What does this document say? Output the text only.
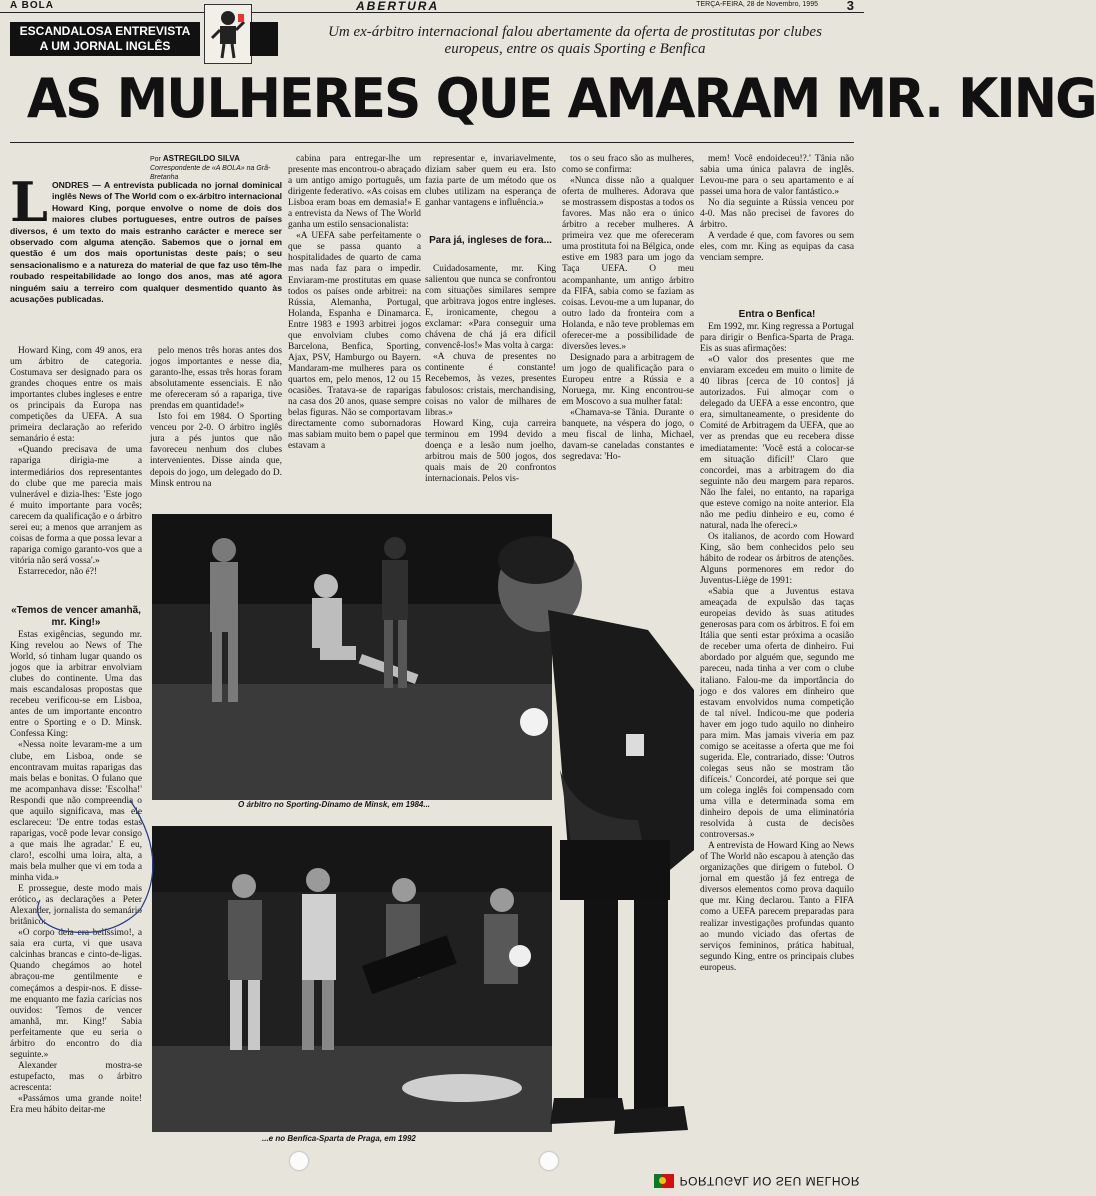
A BOLA	ABERTURA	TERÇA-FEIRA, 28 de Novembro, 1995 3
ESCANDALOSA ENTREVISTA
A UM JORNAL INGLÊS
Um ex-árbitro internacional falou abertamente da oferta de prostitutas por clubes europeus, entre os quais Sporting e Benfica
AS MULHERES QUE AMARAM MR. KING
Por ASTREGILDO SILVA
Correspondente de «A BOLA» na Grã-Bretanha
L ONDRES — A entrevista publicada no jornal dominical inglês News of The World com o ex-árbitro internacional Howard King, porque envolve o nome de dois dos maiores clubes portugueses, entre outros de países diversos, é um texto do mais estranho carácter e merece ser observado com alguma atenção. Sabemos que o jornal em questão é um dos mais oportunistas deste país; o seu sensacionalismo e a natureza do material de que faz uso têm-lhe roubado respeitabilidade ao longo dos anos, mas até agora ninguém saiu a terreiro com qualquer desmentido quanto às acusações publicadas.

Howard King, com 49 anos, era um árbitro de categoria. Costumava ser designado para os grandes choques entre os mais importantes clubes ingleses e entre os principais da Europa nas competições da UEFA. A sua primeira declaração ao referido semanário é esta:

«Quando precisava de uma rapariga dirigia-me a intermediários dos representantes do clube que me parecia mais vulnerável e dizia-lhes: 'Este jogo é muito importante para vocês; carecem da qualificação e o árbitro serei eu; a menos que arranjem as coisas de forma a que possa levar a rapariga comigo garanto-vos que a vitória não será vossa'.»

Estarrecedor, não é?!

«Temos de vencer amanhã, mr. King!»

Estas exigências, segundo mr. King revelou ao News of The World, só tinham lugar quando os jogos que ia arbitrar envolviam clubes do continente. Uma das mais escandalosas propostas que recebeu verificou-se em Lisboa, antes de um importante encontro entre o Sporting e o D. Minsk. Confessa King:

«Nessa noite levaram-me a um clube, em Lisboa, onde se encontravam muitas raparigas das mais belas e bonitas. O fulano que me acompanhava disse: 'Escolha!' Respondi que não compreendia o que aquilo significava, mas ele esclareceu: 'De entre todas estas raparigas, você pode levar consigo a que mais lhe agradar.' E eu, claro!, escolhi uma loira, alta, a mais bela mulher que vi em toda a minha vida.»

E prossegue, deste modo mais erótico, as declarações a Peter Alexander, jornalista do semanário britânico:

«O corpo dela era belíssimo!, a saia era curta, vi que usava calcinhas brancas e cinto-de-ligas. Quando chegámos ao hotel abraçou-me gentilmente e começámos a despir-nos. E disse-me enquanto me fazia carícias nos ouvidos: 'Temos de vencer amanhã, mr. King!' Sabia perfeitamente que eu seria o árbitro do encontro do dia seguinte.»

Alexander mostra-se estupefacto, mas o árbitro acrescenta:

«Passámos uma grande noite! Era meu hábito deitar-me

pelo menos três horas antes dos jogos importantes e nesse dia, garanto-lhe, essas três horas foram absolutamente essenciais. E não me ofereceram só a rapariga, tive prendas em quantidade!»

Isto foi em 1984. O Sporting venceu por 2-0. O árbitro inglês jura a pés juntos que não favoreceu nenhum dos clubes intervenientes. Disse ainda que, depois do jogo, um delegado do D. Minsk entrou na

cabina para entregar-lhe um presente mas encontrou-o abraçado a um antigo amigo português, um dirigente federativo. «As coisas em Lisboa eram boas em demasia!» E a entrevista da News of The World ganha um estilo sensacionalista:

«A UEFA sabe perfeitamente o que se passa quanto a hospitalidades de quarto de cama mas nada faz para o impedir. Enviaram-me prostitutas em quase todos os países onde arbitrei: na Rússia, Alemanha, Portugal, Holanda, Espanha e Dinamarca. Entre 1983 e 1993 arbitrei jogos que envolviam clubes como Barcelona, Benfica, Sporting, Ajax, PSV, Hamburgo ou Bayern. Mandaram-me mulheres para os quartos em, pelo menos, 12 ou 15 ocasiões. Tratava-se de raparigas na casa dos 20 anos, quase sempre belas figuras. Não se comportavam directamente como subornadoras mas sabiam muito bem o papel que estavam a

representar e, invariavelmente, diziam saber quem eu era. Isto fazia parte de um método que os clubes utilizam na esperança de ganhar vantagens e influência.»

Para já, ingleses de fora...

Cuidadosamente, mr. King salientou que nunca se confrontou com situações similares sempre que arbitrava jogos entre ingleses. E, ironicamente, chegou a exclamar: «Para conseguir uma chávena de chá já era difícil convencê-los!» Mas volta à carga:

«A chuva de presentes no continente é constante! Recebemos, às vezes, presentes fabulosos: cristais, merchandising, coisas no valor de milhares de libras.»

Howard King, cuja carreira terminou em 1994 devido a doença e a lesão num joelho, arbitrou mais de 500 jogos, dos quais mais de 20 confrontos internacionais. Pelos vis-

tos o seu fraco são as mulheres, como se confirma:

«Nunca disse não a qualquer oferta de mulheres. Adorava que se mostrassem dispostas a todos os favores. Mas não era o único árbitro a receber mulheres. A primeira vez que me ofereceram uma prostituta foi na Bélgica, onde estive em 1983 para um jogo da Taça UEFA. O meu acompanhante, um antigo árbitro da FIFA, sabia como se faziam as coisas. Levou-me a um lupanar, do outro lado da fronteira com a Holanda, e não teve problemas em oferecer-me a possibilidade de diversões leves.»

Designado para a arbitragem de um jogo de qualificação para o Europeu entre a Rússia e a Noruega, mr. King encontrou-se em Moscovo a sua mulher fatal:

«Chamava-se Tânia. Durante o banquete, na véspera do jogo, o meu fiscal de linha, Michael, davam-se caneladas constantes e segredava: 'Ho-

mem! Você endoideceu!?.' Tânia não sabia uma única palavra de inglês. Levou-me para o seu apartamento e aí passei uma hora de valor fantástico.»

No dia seguinte a Rússia venceu por 4-0. Mas não precisei de favores do árbitro.

A verdade é que, com favores ou sem eles, com mr. King as equipas da casa venciam sempre.

Entra o Benfica!

Em 1992, mr. King regressa a Portugal para dirigir o Benfica-Sparta de Praga. Eis as suas afirmações:

«O valor dos presentes que me enviaram excedeu em muito o limite de 40 libras [cerca de 10 contos] já autorizados. Fui almoçar com o delegado da UEFA a esse encontro, que era, simultaneamente, o presidente do Comité de Arbitragem da UEFA, que ao ver as prendas que eu recebera disse imediatamente: 'Você está a colocar-se em situação difícil!' Claro que concordei, mas a arbitragem do dia seguinte não deu margem para reparos. Não lhe falei, no entanto, na rapariga que esteve comigo na noite anterior. Ela não me pediu dinheiro e eu, como é natural, nada lhe ofereci.»

Os italianos, de acordo com Howard King, são bem conhecidos pelo seu hábito de rodear os árbitros de atenções. Alguns pormenores em redor do Juventus-Liège de 1991:

«Sabia que a Juventus estava ameaçada de expulsão das taças europeias devido às suas atitudes generosas para com os árbitros. E foi em Itália que senti estar próxima a ocasião de receber uma oferta de dinheiro. Fui abordado por alguém que, segundo me pareceu, nada tinha a ver com o clube italiano. Falou-me da importância do jogo e dos valores em dinheiro que estavam envolvidos numa competição de tal nível. Indicou-me que poderia haver em jogo tudo aquilo no dinheiro para mim. Mas jamais viveria em paz comigo se aceitasse a oferta que me foi sugerida. Ele, contrariado, disse: 'Outros colegas seus não se mostram tão difíceis.' Concordei, até porque sei que um colega inglês foi compensado com uma villa e determinada soma em dinheiro depois de uma eliminatória resolvida à custa de decisões controversas.»

A entrevista de Howard King ao News of The World não escapou à atenção das organizações que dirigem o futebol. O jornal em questão já fez entrega de diversos elementos como prova daquilo que mr. King declarou. Tanto a FIFA como a UEFA parecem preparadas para realizar investigações profundas quanto ao mundo viciado das ofertas de serviços femininos, prática habitual, segundo King, entre os principais clubes europeus.

O árbitro no Sporting-Dínamo de Minsk, em 1984...
...e no Benfica-Sparta de Praga, em 1992
PORTUGAL NO SEU MELHOR
